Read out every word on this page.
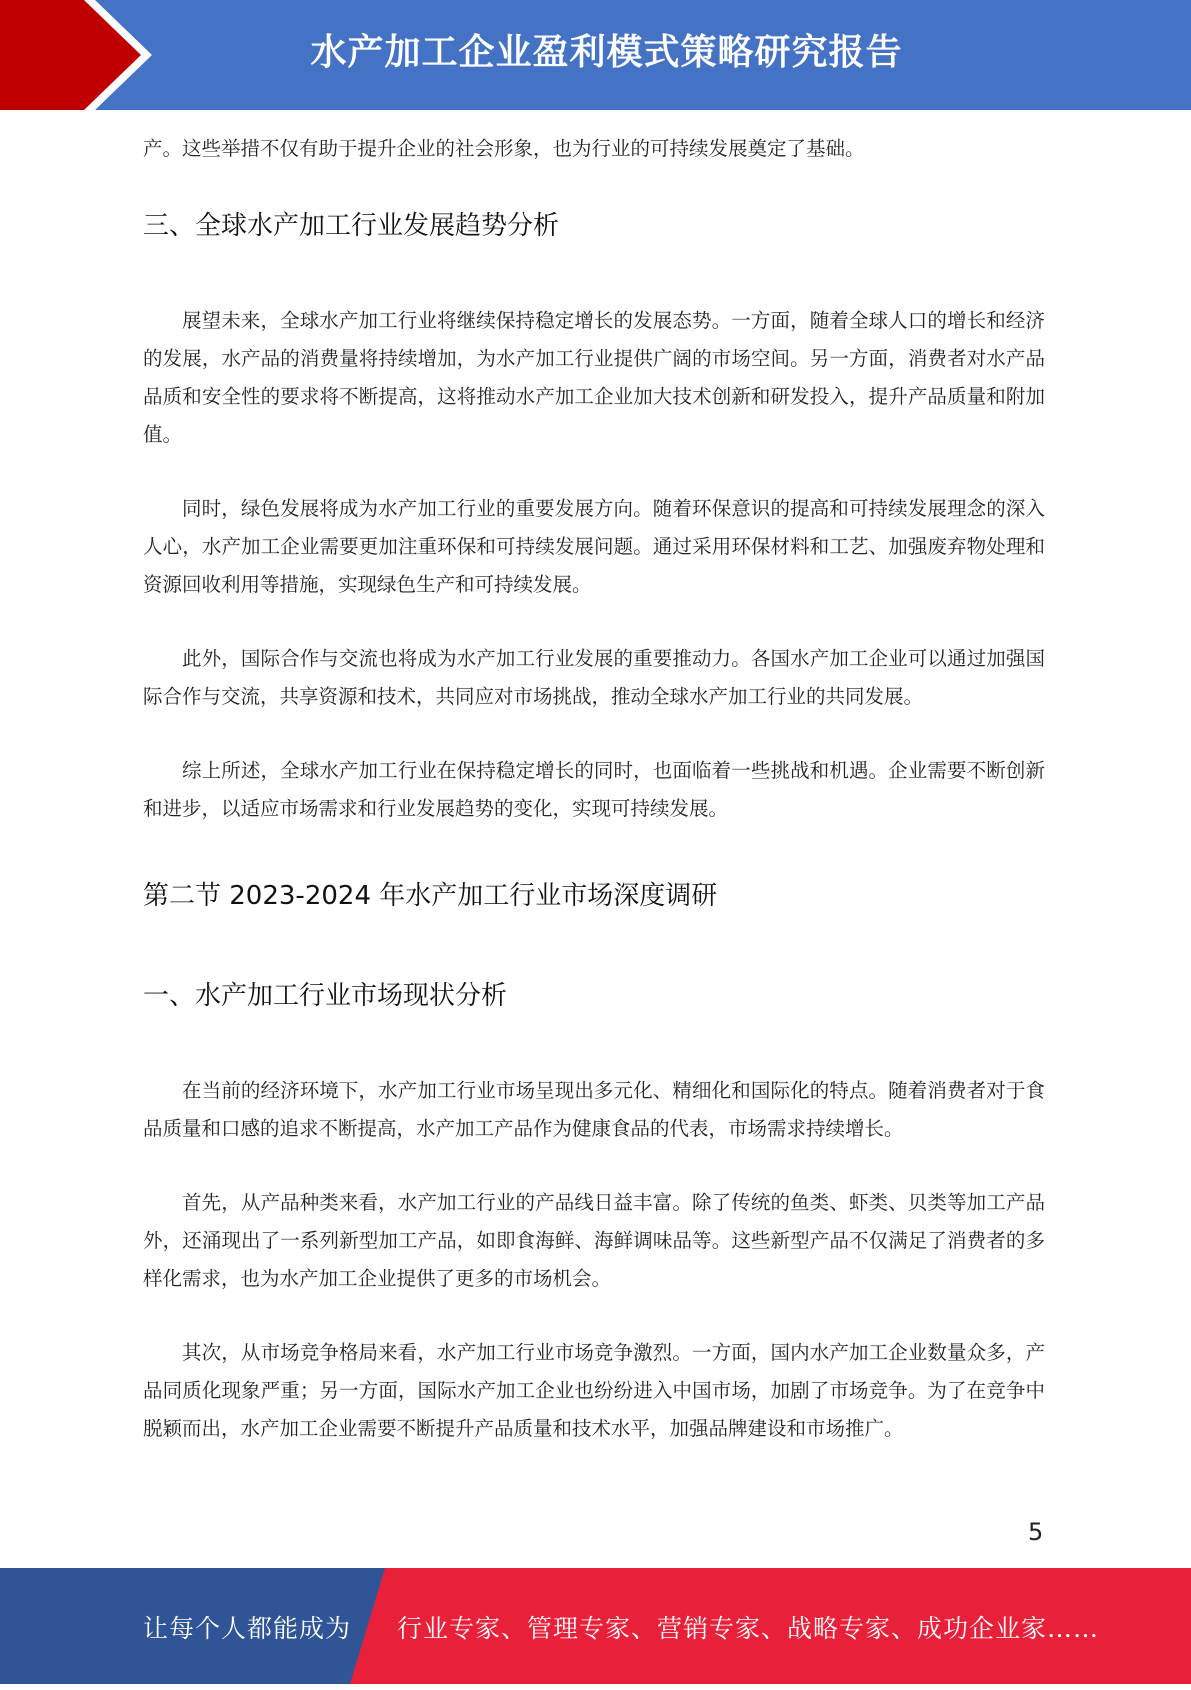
水产加工企业盈利模式策略研究报告

产。这些举措不仅有助于提升企业的社会形象，也为行业的可持续发展奠定了基础。

三、全球水产加工行业发展趋势分析

展望未来，全球水产加工行业将继续保持稳定增长的发展态势。一方面，随着全球人口的增长和经济的发展，水产品的消费量将持续增加，为水产加工行业提供广阔的市场空间。另一方面，消费者对水产品品质和安全性的要求将不断提高，这将推动水产加工企业加大技术创新和研发投入，提升产品质量和附加值。

同时，绿色发展将成为水产加工行业的重要发展方向。随着环保意识的提高和可持续发展理念的深入人心，水产加工企业需要更加注重环保和可持续发展问题。通过采用环保材料和工艺、加强废弃物处理和资源回收利用等措施，实现绿色生产和可持续发展。

此外，国际合作与交流也将成为水产加工行业发展的重要推动力。各国水产加工企业可以通过加强国际合作与交流，共享资源和技术，共同应对市场挑战，推动全球水产加工行业的共同发展。

综上所述，全球水产加工行业在保持稳定增长的同时，也面临着一些挑战和机遇。企业需要不断创新和进步，以适应市场需求和行业发展趋势的变化，实现可持续发展。

第二节 2023-2024 年水产加工行业市场深度调研
一、水产加工行业市场现状分析

在当前的经济环境下，水产加工行业市场呈现出多元化、精细化和国际化的特点。随着消费者对于食品质量和口感的追求不断提高，水产加工产品作为健康食品的代表，市场需求持续增长。

首先，从产品种类来看，水产加工行业的产品线日益丰富。除了传统的鱼类、虾类、贝类等加工产品外，还涌现出了一系列新型加工产品，如即食海鲜、海鲜调味品等。这些新型产品不仅满足了消费者的多样化需求，也为水产加工企业提供了更多的市场机会。

其次，从市场竞争格局来看，水产加工行业市场竞争激烈。一方面，国内水产加工企业数量众多，产品同质化现象严重；另一方面，国际水产加工企业也纷纷进入中国市场，加剧了市场竞争。为了在竞争中脱颖而出，水产加工企业需要不断提升产品质量和技术水平，加强品牌建设和市场推广。

5
让每个人都能成为 行业专家、管理专家、营销专家、战略专家、成功企业家……
